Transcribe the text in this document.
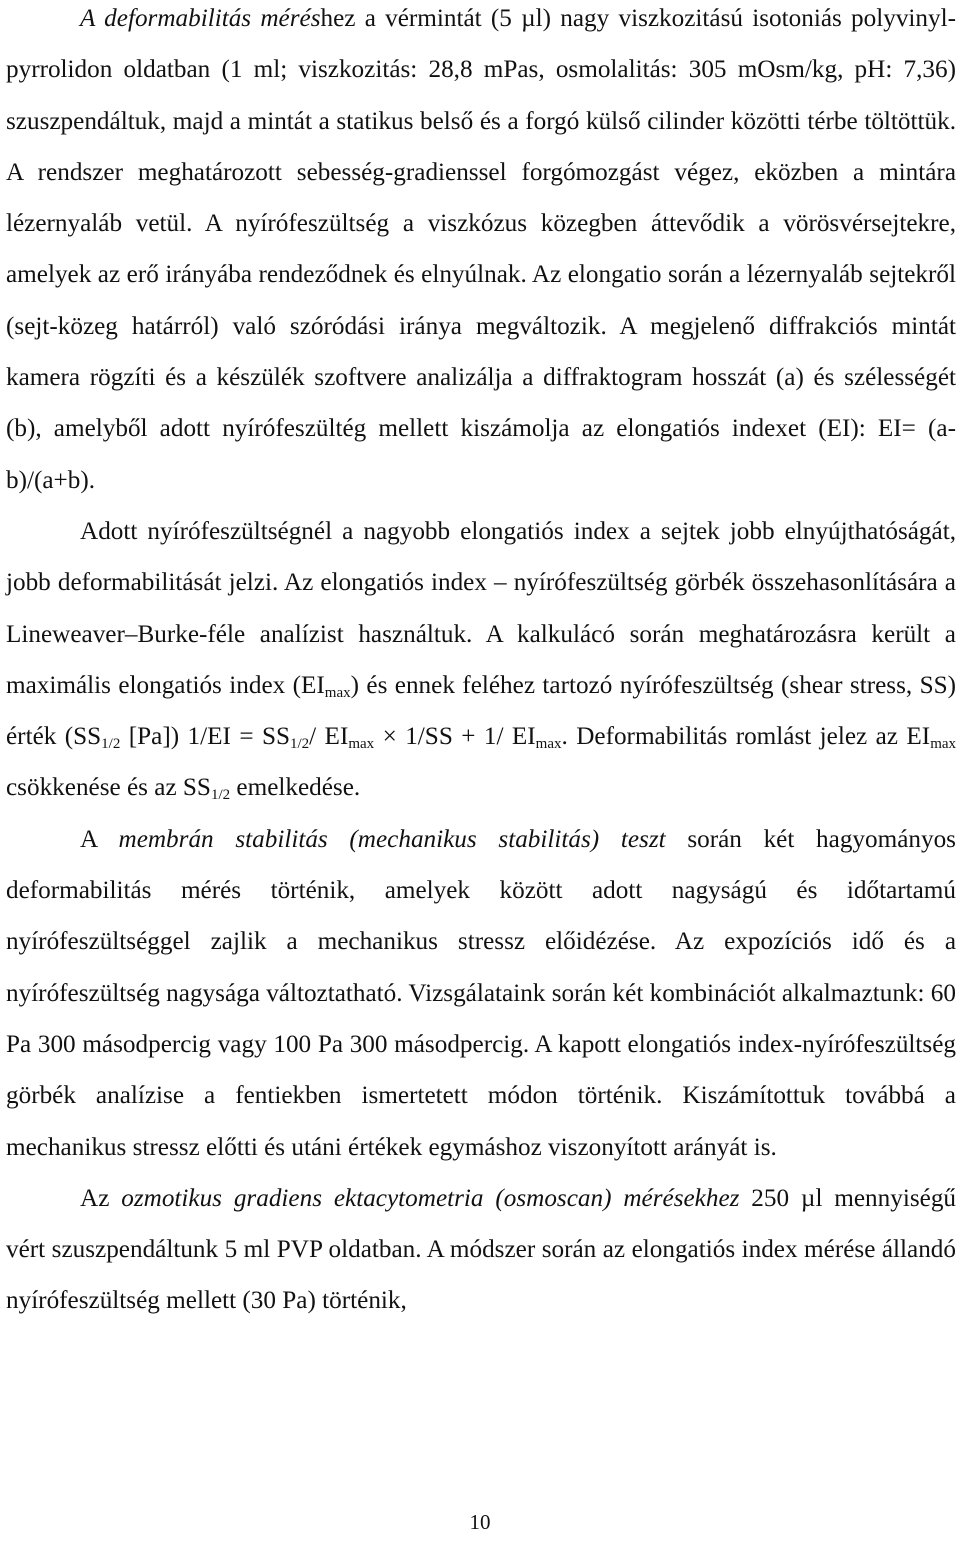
A deformabilitás méréshez a vérmintát (5 µl) nagy viszkozitású isotoniás polyvinyl-pyrrolidon oldatban (1 ml; viszkozitás: 28,8 mPas, osmolalitás: 305 mOsm/kg, pH: 7,36) szuszpendáltuk, majd a mintát a statikus belső és a forgó külső cilinder közötti térbe töltöttük. A rendszer meghatározott sebesség-gradienssel forgómozgást végez, eközben a mintára lézernyaláb vetül. A nyírófeszültség a viszkózus közegben áttevődik a vörösvérsejtekre, amelyek az erő irányába rendeződnek és elnyúlnak. Az elongatio során a lézernyaláb sejtekről (sejt-közeg határról) való szóródási iránya megváltozik. A megjelenő diffrakciós mintát kamera rögzíti és a készülék szoftvere analizálja a diffraktogram hosszát (a) és szélességét (b), amelyből adott nyírófeszültég mellett kiszámolja az elongatiós indexet (EI): EI= (a-b)/(a+b).

Adott nyírófeszültségnél a nagyobb elongatiós index a sejtek jobb elnyújthatóságát, jobb deformabilitását jelzi. Az elongatiós index – nyírófeszültség görbék összehasonlítására a Lineweaver–Burke-féle analízist használtuk. A kalkulácó során meghatározásra került a maximális elongatiós index $(EI_{max})$ és ennek feléhez tartozó nyírófeszültség (shear stress, SS) érték ($SS_{1/2}$ [Pa]) $1/EI = SS_{1/2}/$ $EI_{max} \times 1/SS + 1/$ $EI_{max}$. Deformabilitás romlást jelez az $EI_{max}$ csökkenése és az $SS_{1/2}$ emelkedése.

A membrán stabilitás (mechanikus stabilitás) teszt során két hagyományos deformabilitás mérés történik, amelyek között adott nagyságú és időtartamú nyírófeszültséggel zajlik a mechanikus stressz előidézése. Az expozíciós idő és a nyírófeszültség nagysága változtatható. Vizsgálataink során két kombinációt alkalmaztunk: 60 Pa 300 másodpercig vagy 100 Pa 300 másodpercig. A kapott elongatiós index-nyírófeszültség görbék analízise a fentiekben ismertetett módon történik. Kiszámítottuk továbbá a mechanikus stressz előtti és utáni értékek egymáshoz viszonyított arányát is.

Az ozmotikus gradiens ektacytometria (osmoscan) mérésekhez 250 µl mennyiségű vért szuszpendáltunk 5 ml PVP oldatban. A módszer során az elongatiós index mérése állandó nyírófeszültség mellett (30 Pa) történik,

10
